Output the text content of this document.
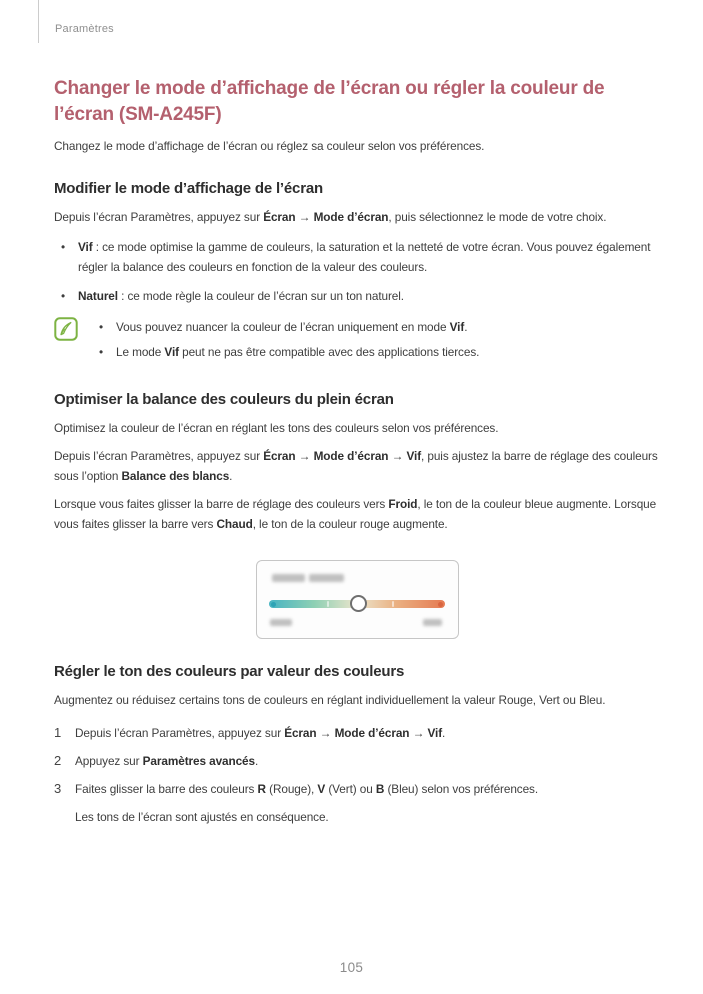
Paramètres
Changer le mode d’affichage de l’écran ou régler la couleur de l’écran (SM-A245F)

Changez le mode d’affichage de l’écran ou réglez sa couleur selon vos préférences.

Modifier le mode d’affichage de l’écran

Depuis l’écran Paramètres, appuyez sur Écran → Mode d’écran, puis sélectionnez le mode de votre choix.

• Vif : ce mode optimise la gamme de couleurs, la saturation et la netteté de votre écran. Vous pouvez également régler la balance des couleurs en fonction de la valeur des couleurs.
• Naturel : ce mode règle la couleur de l’écran sur un ton naturel.
• Vous pouvez nuancer la couleur de l’écran uniquement en mode Vif.
• Le mode Vif peut ne pas être compatible avec des applications tierces.
Optimiser la balance des couleurs du plein écran

Optimisez la couleur de l’écran en réglant les tons des couleurs selon vos préférences.

Depuis l’écran Paramètres, appuyez sur Écran → Mode d’écran → Vif, puis ajustez la barre de réglage des couleurs sous l’option Balance des blancs.

Lorsque vous faites glisser la barre de réglage des couleurs vers Froid, le ton de la couleur bleue augmente. Lorsque vous faites glisser la barre vers Chaud, le ton de la couleur rouge augmente.

Régler le ton des couleurs par valeur des couleurs

Augmentez ou réduisez certains tons de couleurs en réglant individuellement la valeur Rouge, Vert ou Bleu.

1 Depuis l’écran Paramètres, appuyez sur Écran → Mode d’écran → Vif.
2 Appuyez sur Paramètres avancés.
3 Faites glisser la barre des couleurs R (Rouge), V (Vert) ou B (Bleu) selon vos préférences.

Les tons de l’écran sont ajustés en conséquence.

105
